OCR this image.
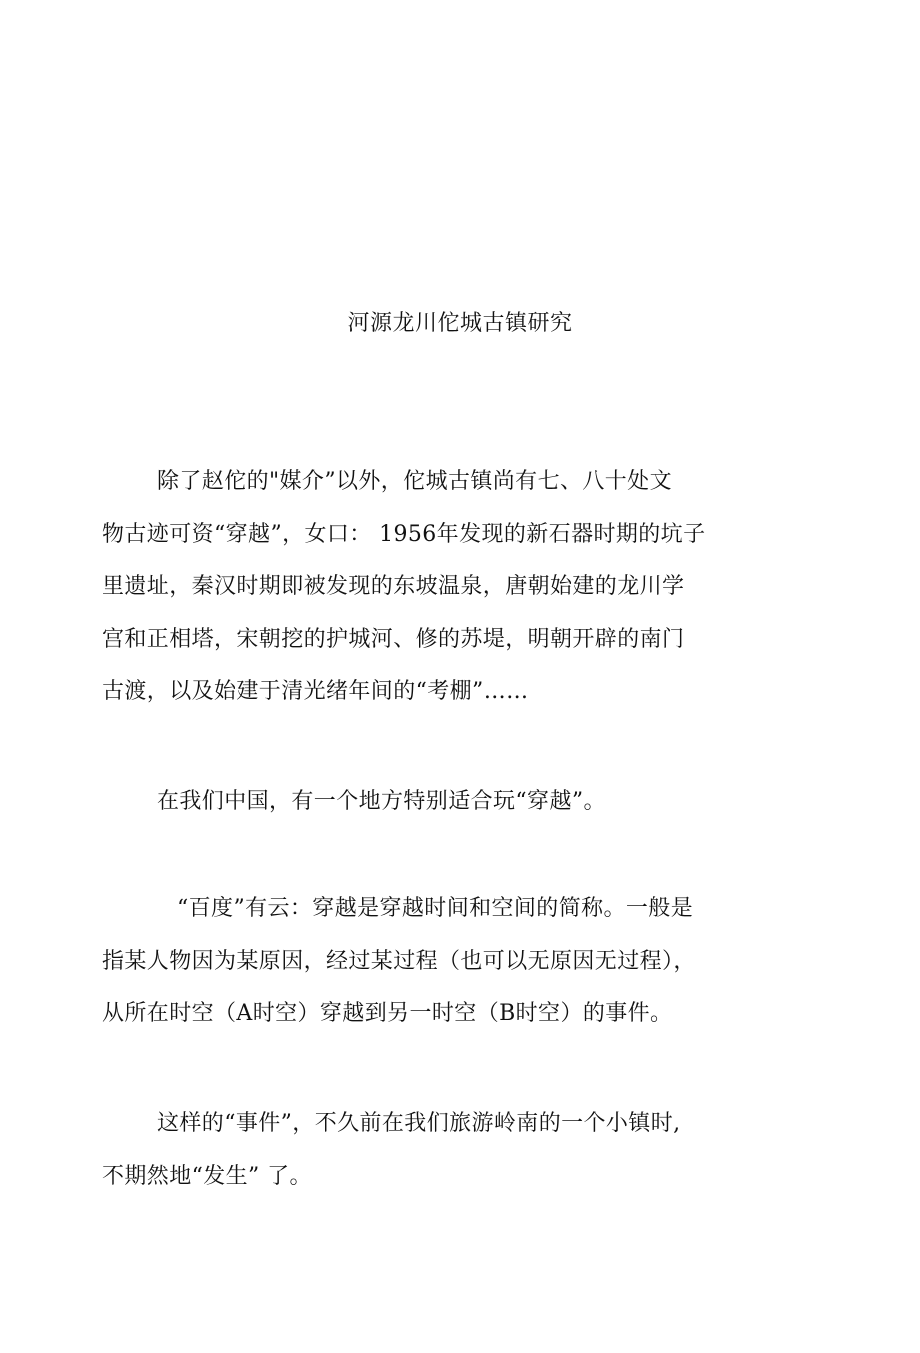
河源龙川佗城古镇研究
除了赵佗的"媒介”以外，佗城古镇尚有七、八十处文
物古迹可资“穿越”，女口： 1956年发现的新石器时期的坑子
里遗址，秦汉时期即被发现的东坡温泉，唐朝始建的龙川学
宫和正相塔，宋朝挖的护城河、修的苏堤，明朝开辟的南门
古渡，以及始建于清光绪年间的“考棚”……
在我们中国，有一个地方特别适合玩“穿越”。
“百度”有云：穿越是穿越时间和空间的简称。一般是
指某人物因为某原因，经过某过程（也可以无原因无过程），
从所在时空（A时空）穿越到另一时空（B时空）的事件。
这样的“事件”，不久前在我们旅游岭南的一个小镇时,
不期然地“发生” 了。
